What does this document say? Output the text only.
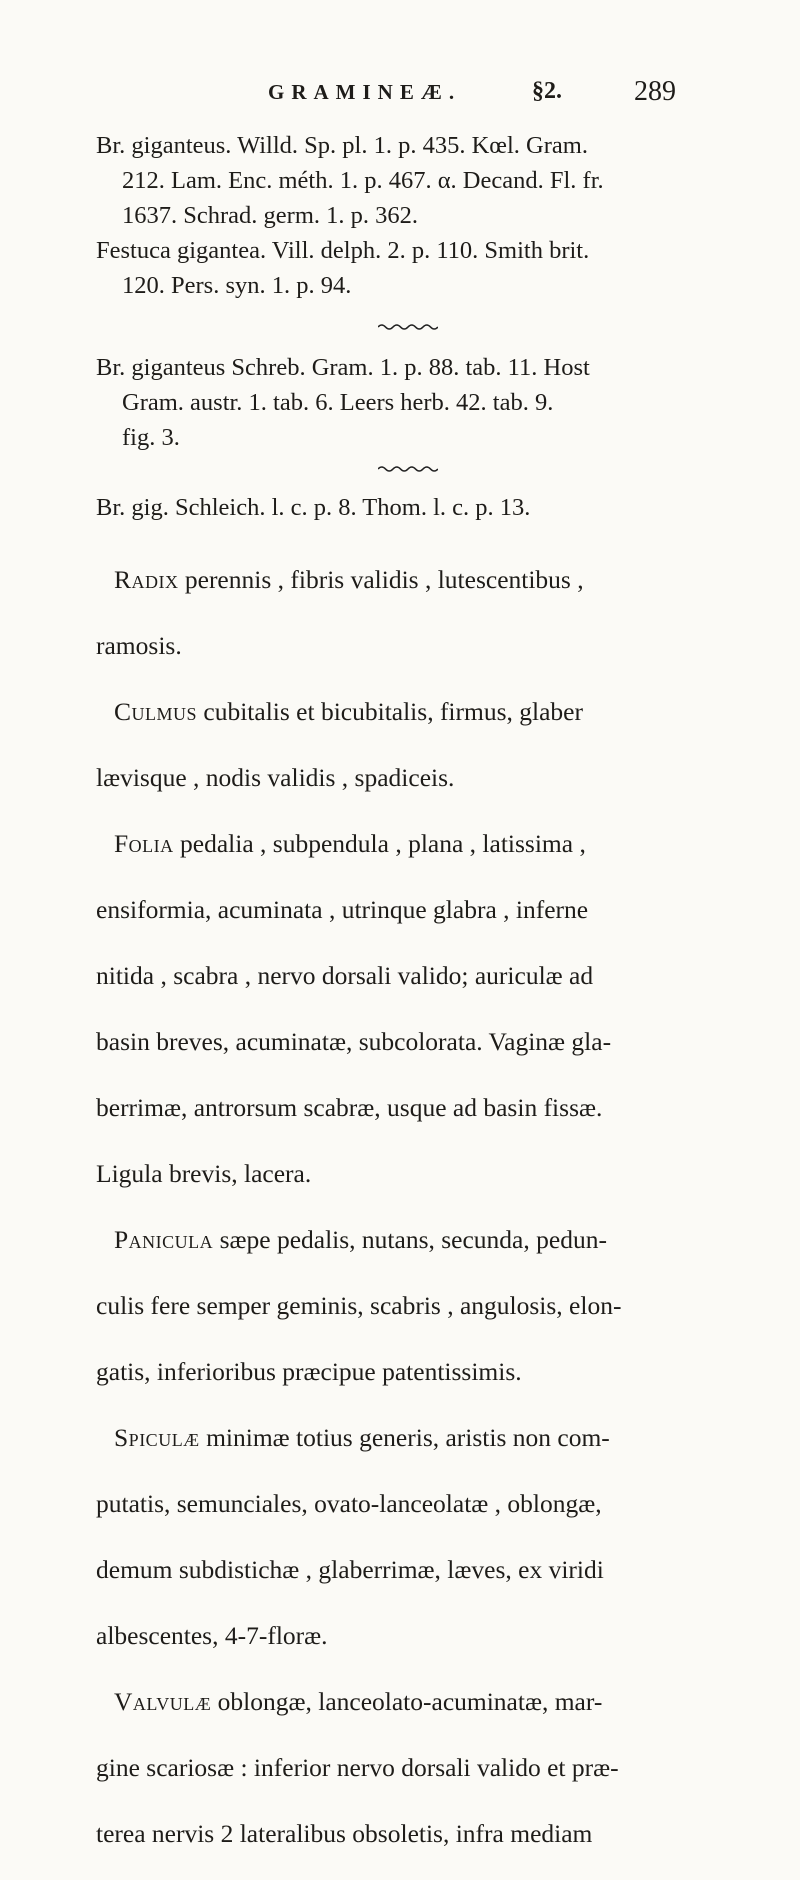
GRAMINEÆ.	§2.	289

Br. giganteus. Willd. Sp. pl. 1. p. 435. Kœl. Gram.

212. Lam. Enc. méth. 1. p. 467. α. Decand. Fl. fr.

1637. Schrad. germ. 1. p. 362.

Festuca gigantea. Vill. delph. 2. p. 110. Smith brit.

120. Pers. syn. 1. p. 94.

Br. giganteus Schreb. Gram. 1. p. 88. tab. 11. Host

Gram. austr. 1. tab. 6. Leers herb. 42. tab. 9.

fig. 3.

Br. gig. Schleich. l. c. p. 8. Thom. l. c. p. 13.

Radix perennis , fibris validis , lutescentibus ,

ramosis.

Culmus cubitalis et bicubitalis, firmus, glaber

lævisque , nodis validis , spadiceis.

Folia pedalia , subpendula , plana , latissima ,

ensiformia, acuminata , utrinque glabra , inferne

nitida , scabra , nervo dorsali valido; auriculæ ad

basin breves, acuminatæ, subcolorata. Vaginæ gla-

berrimæ, antrorsum scabræ, usque ad basin fissæ.

Ligula brevis, lacera.

Panicula sæpe pedalis, nutans, secunda, pedun-

culis fere semper geminis, scabris , angulosis, elon-

gatis, inferioribus præcipue patentissimis.

Spiculæ minimæ totius generis, aristis non com-

putatis, semunciales, ovato-lanceolatæ , oblongæ,

demum subdistichæ , glaberrimæ, læves, ex viridi

albescentes, 4-7-floræ.

Valvulæ oblongæ, lanceolato-acuminatæ, mar-

gine scariosæ : inferior nervo dorsali valido et præ-

terea nervis 2 lateralibus obsoletis, infra mediam
